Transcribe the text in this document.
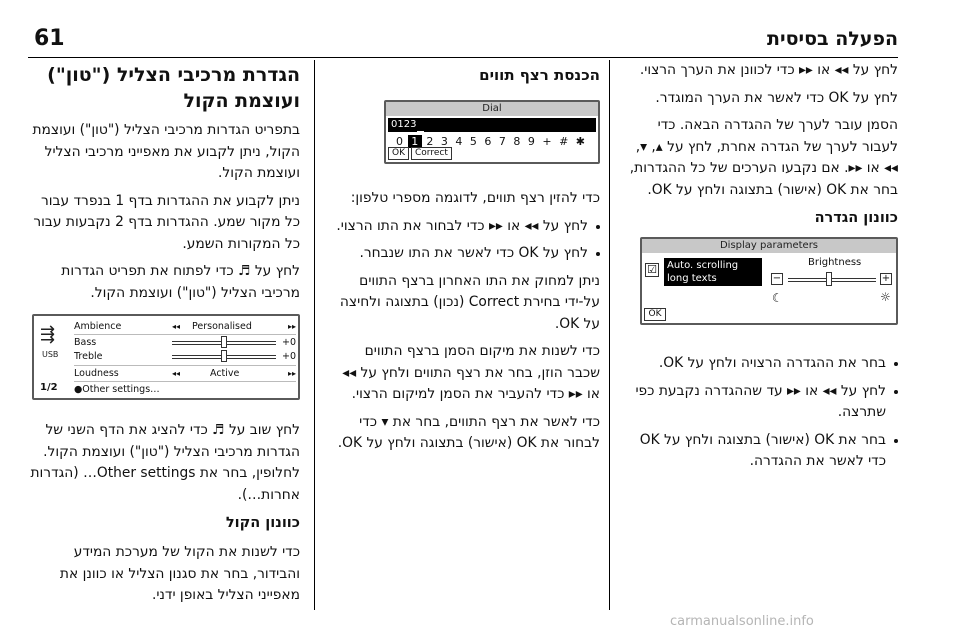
61	הפעלה בסיסית

לחץ על ◂◂ או ▸▸ כדי לכוונן את הערך הרצוי.

לחץ על OK כדי לאשר את הערך המוגדר.

הסמן עובר לערך של ההגדרה הבאה. כדי לעבור לערך של הגדרה אחרת, לחץ על ▴, ▾, ◂◂ או ▸▸. אם נקבעו הערכים של כל ההגדרות, בחר את OK (אישור) בתצוגה ולחץ על OK.

כוונון הגדרה
Display parameters
☑ Auto. scrolling
long texts
Brightness
−	+
☾	☼
OK
בחר את ההגדרה הרצויה ולחץ על OK.
לחץ על ◂◂ או ▸▸ עד שההגדרה נקבעת כפי שתרצה.
בחר את OK (אישור) בתצוגה ולחץ על OK כדי לאשר את ההגדרה.
הכנסת רצף תווים
Dial
0123
0 1 2 3 4 5 6 7 8 9 + # ✱
OK	Correct

כדי להזין רצף תווים, לדוגמה מספרי טלפון:

לחץ על ◂◂ או ▸▸ כדי לבחור את התו הרצוי.
לחץ על OK כדי לאשר את התו שנבחר.

ניתן למחוק את התו האחרון ברצף התווים על-ידי בחירת Correct (נכון) בתצוגה ולחיצה על OK.

כדי לשנות את מיקום הסמן ברצף התווים שכבר הוזן, בחר את רצף התווים ולחץ על ◂◂ או ▸▸ כדי להעביר את הסמן למיקום הרצוי.

כדי לאשר את רצף התווים, בחר את ▾ כדי לבחור את OK (אישור) בתצוגה ולחץ על OK.

הגדרת מרכיבי הצליל ("טון") ועוצמת הקול

בתפריט הגדרות מרכיבי הצליל ("טון") ועוצמת הקול, ניתן לקבוע את מאפייני מרכיבי הצליל ועוצמת הקול.

ניתן לקבוע את ההגדרות בדף 1 בנפרד עבור כל מקור שמע. ההגדרות בדף 2 נקבעות עבור כל המקורות השמע.

לחץ על ♬ כדי לפתוח את תפריט הגדרות מרכיבי הצליל ("טון") ועוצמת הקול.

⇶
USB
1/2
Ambience	◂◂ Personalised	▸▸
Bass	+0
Treble	+0
Loudness	◂◂	Active	▸▸
●Other settings…

לחץ שוב על ♬ כדי להציג את הדף השני של הגדרות מרכיבי הצליל ("טון") ועוצמת הקול. לחלופין, בחר את Other settings… (הגדרות אחרות…).

כוונון הקול

כדי לשנות את הקול של מערכת המידע והבידור, בחר את סגנון הצליל או כוונן את מאפייני הצליל באופן ידני.

carmanualsonline.info
